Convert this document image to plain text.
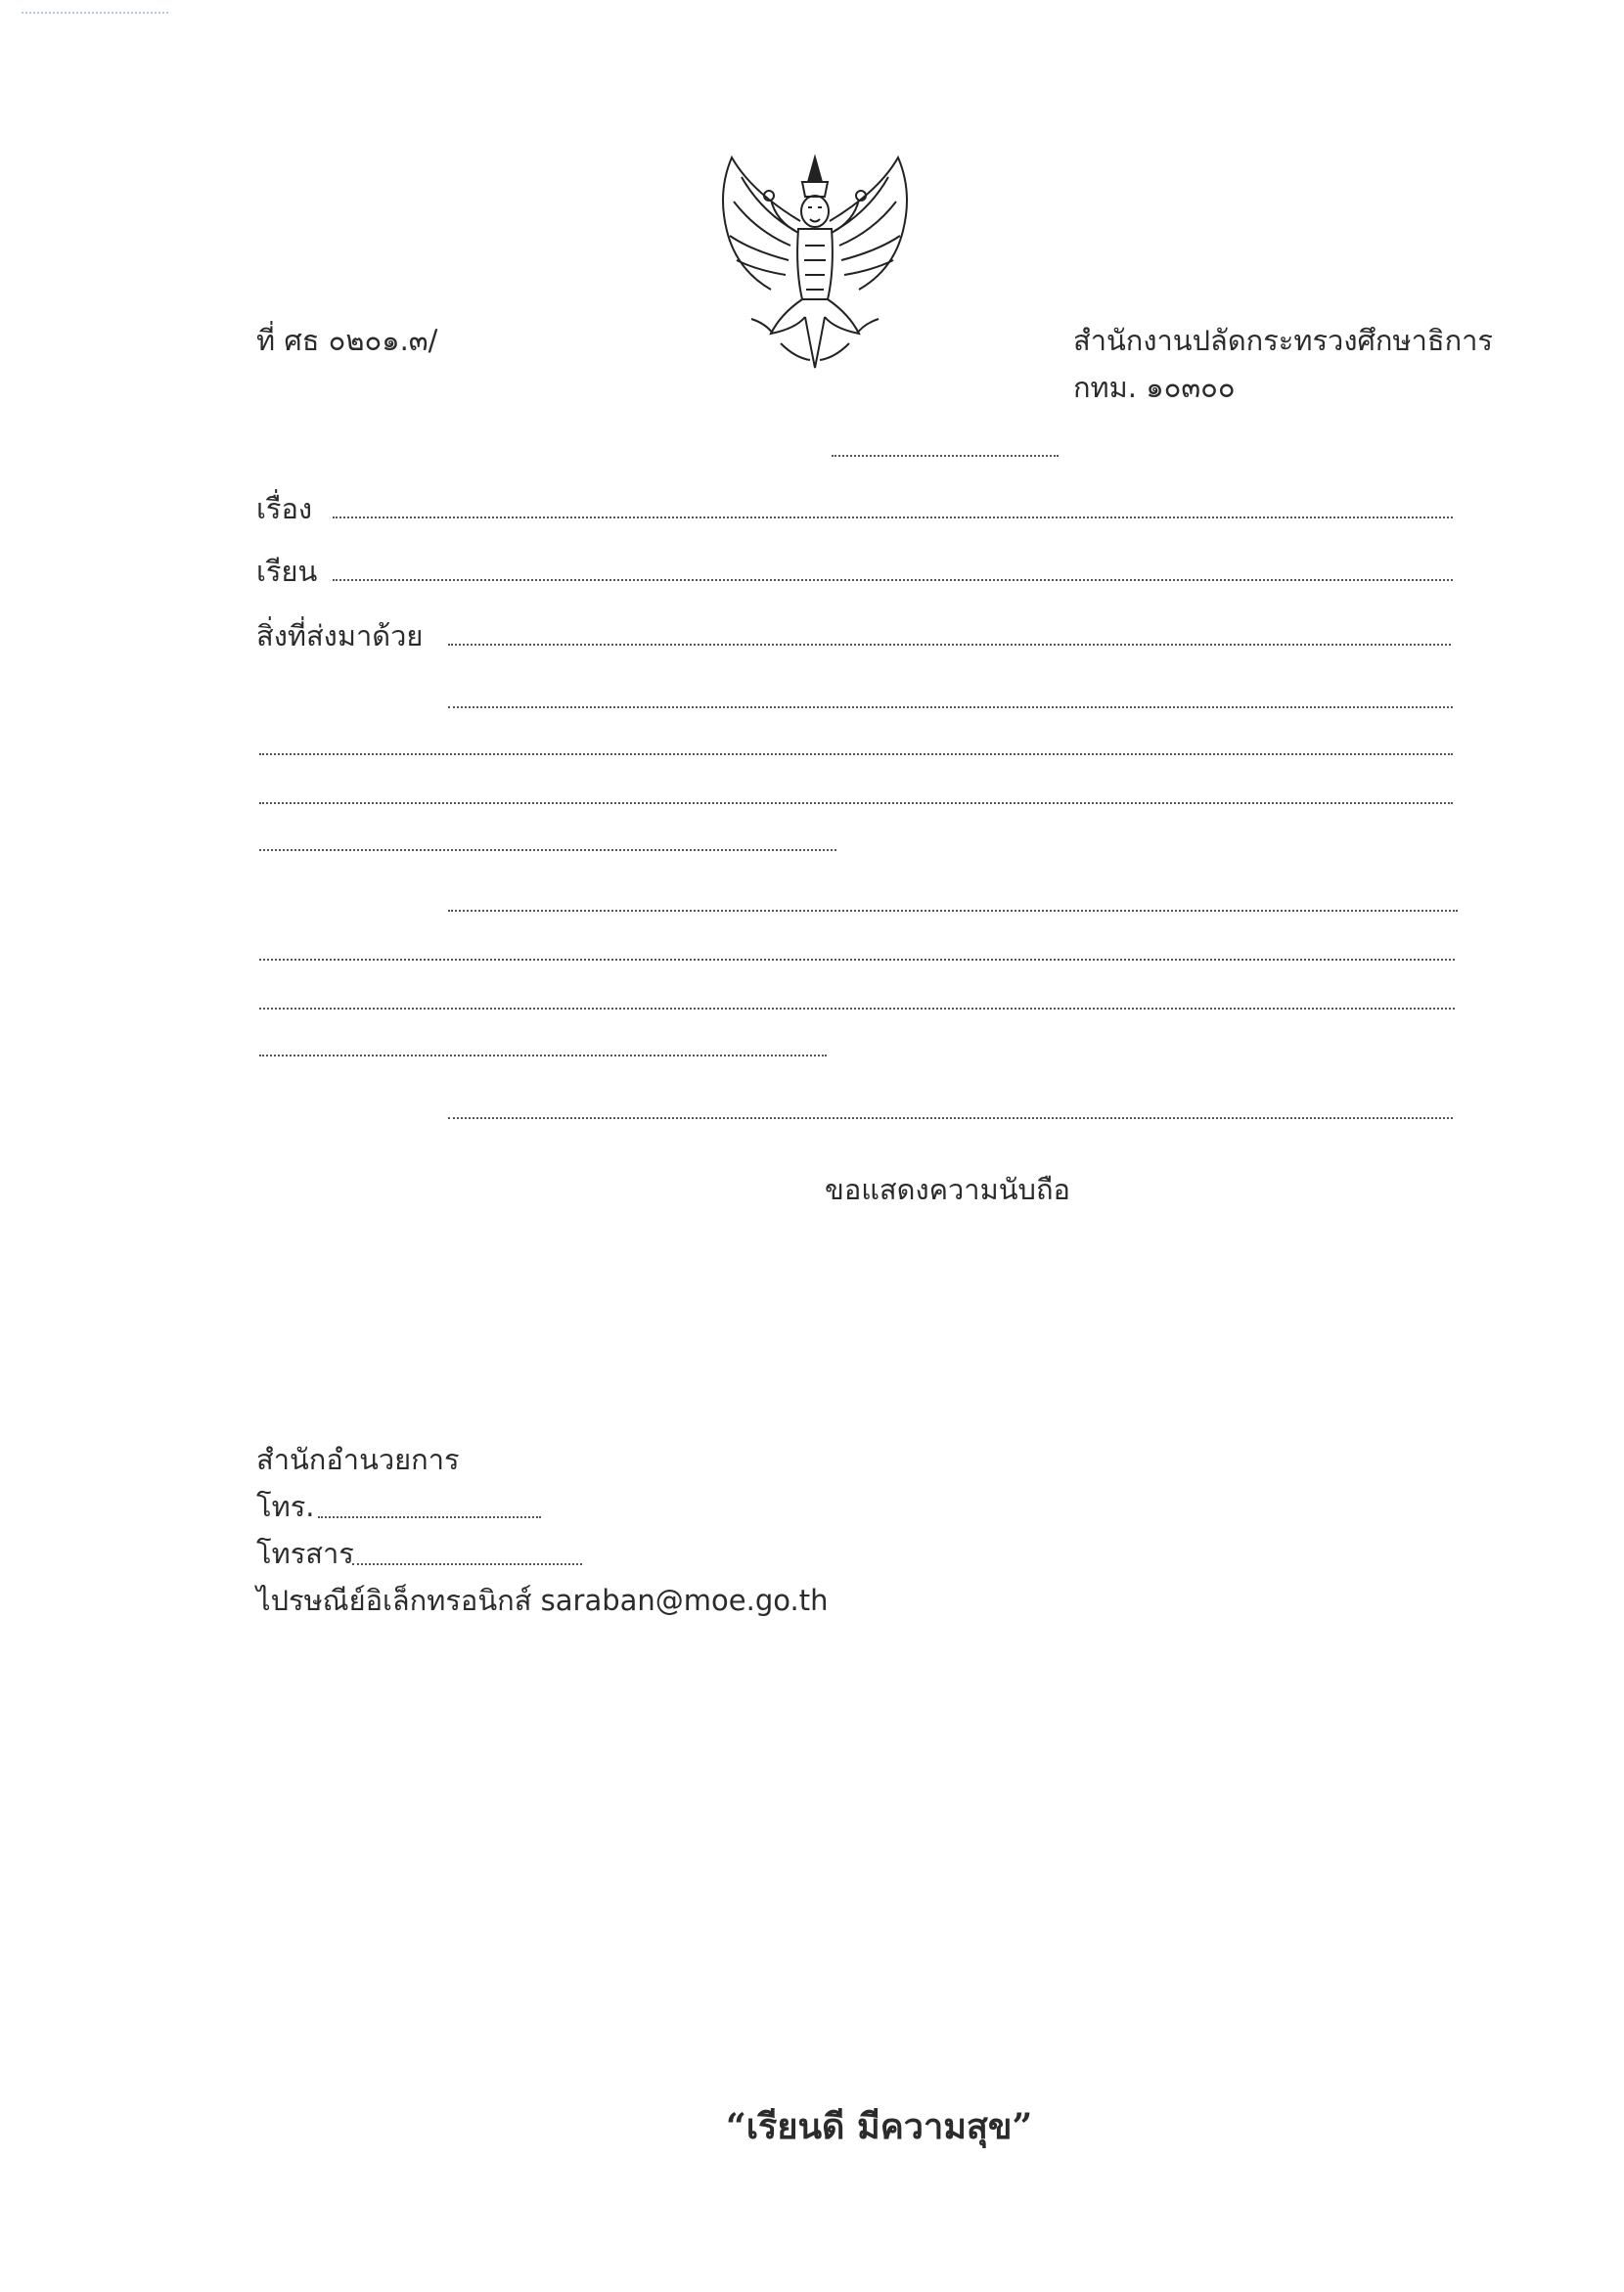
ที่ ศธ ๐๒๐๑.๓/	สำนักงานปลัดกระทรวงศึกษาธิการ
กทม. ๑๐๓๐๐
เรื่อง
เรียน
สิ่งที่ส่งมาด้วย
ขอแสดงความนับถือ
สำนักอำนวยการ
โทร.
โทรสาร
ไปรษณีย์อิเล็กทรอนิกส์ saraban@moe.go.th
“เรียนดี มีความสุข”
